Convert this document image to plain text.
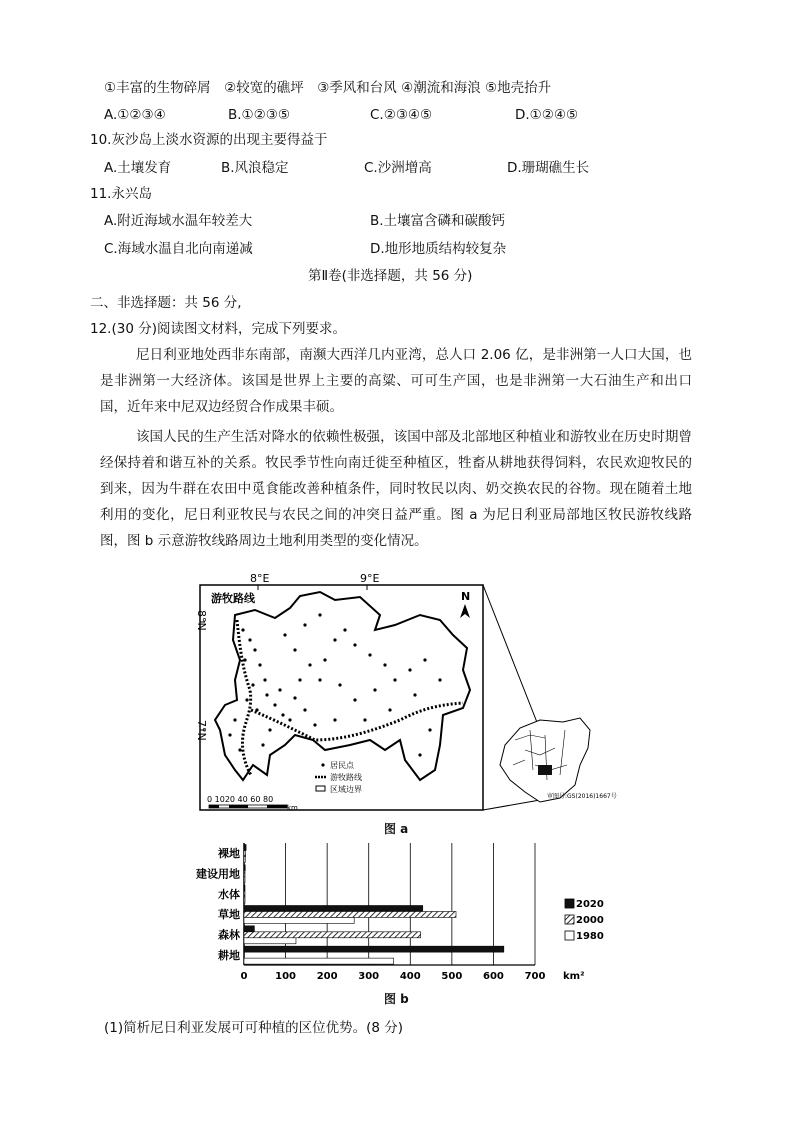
①丰富的生物碎屑　②较宽的礁坪　③季风和台风 ④潮流和海浪 ⑤地壳抬升
A.①②③④	B.①②③⑤	C.②③④⑤	D.①②④⑤
10.灰沙岛上淡水资源的出现主要得益于
A.土壤发育	B.风浪稳定	C.沙洲增高	D.珊瑚礁生长
11.永兴岛
A.附近海域水温年较差大	B.土壤富含磷和碳酸钙
C.海域水温自北向南递减	D.地形地质结构较复杂
第Ⅱ卷(非选择题，共 56 分)
二、非选择题：共 56 分,
12.(30 分)阅读图文材料，完成下列要求。
尼日利亚地处西非东南部，南濒大西洋几内亚湾，总人口 2.06 亿，是非洲第一人口大国，也是非洲第一大经济体。该国是世界上主要的高粱、可可生产国，也是非洲第一大石油生产和出口国，近年来中尼双边经贸合作成果丰硕。
该国人民的生产生活对降水的依赖性极强，该国中部及北部地区种植业和游牧业在历史时期曾经保持着和谐互补的关系。牧民季节性向南迁徙至种植区，牲畜从耕地获得饲料，农民欢迎牧民的到来，因为牛群在农田中觅食能改善种植条件，同时牧民以肉、奶交换农民的谷物。现在随着土地利用的变化，尼日利亚牧民与农民之间的冲突日益严重。图 a 为尼日利亚局部地区牧民游牧线路图，图 b 示意游牧线路周边土地利用类型的变化情况。
8°E	9°E
8°N
7°N
游牧路线	N
居民点
游牧路线
区域边界
0 1020 40 60 80
km
审图号:GS(2016)1667号
图 a
0	100 200 300 400 500 600 700 km²
裸地
建设用地
水体
草地
森林
耕地
2020
2000
1980
图 b
(1)简析尼日利亚发展可可种植的区位优势。(8 分)
